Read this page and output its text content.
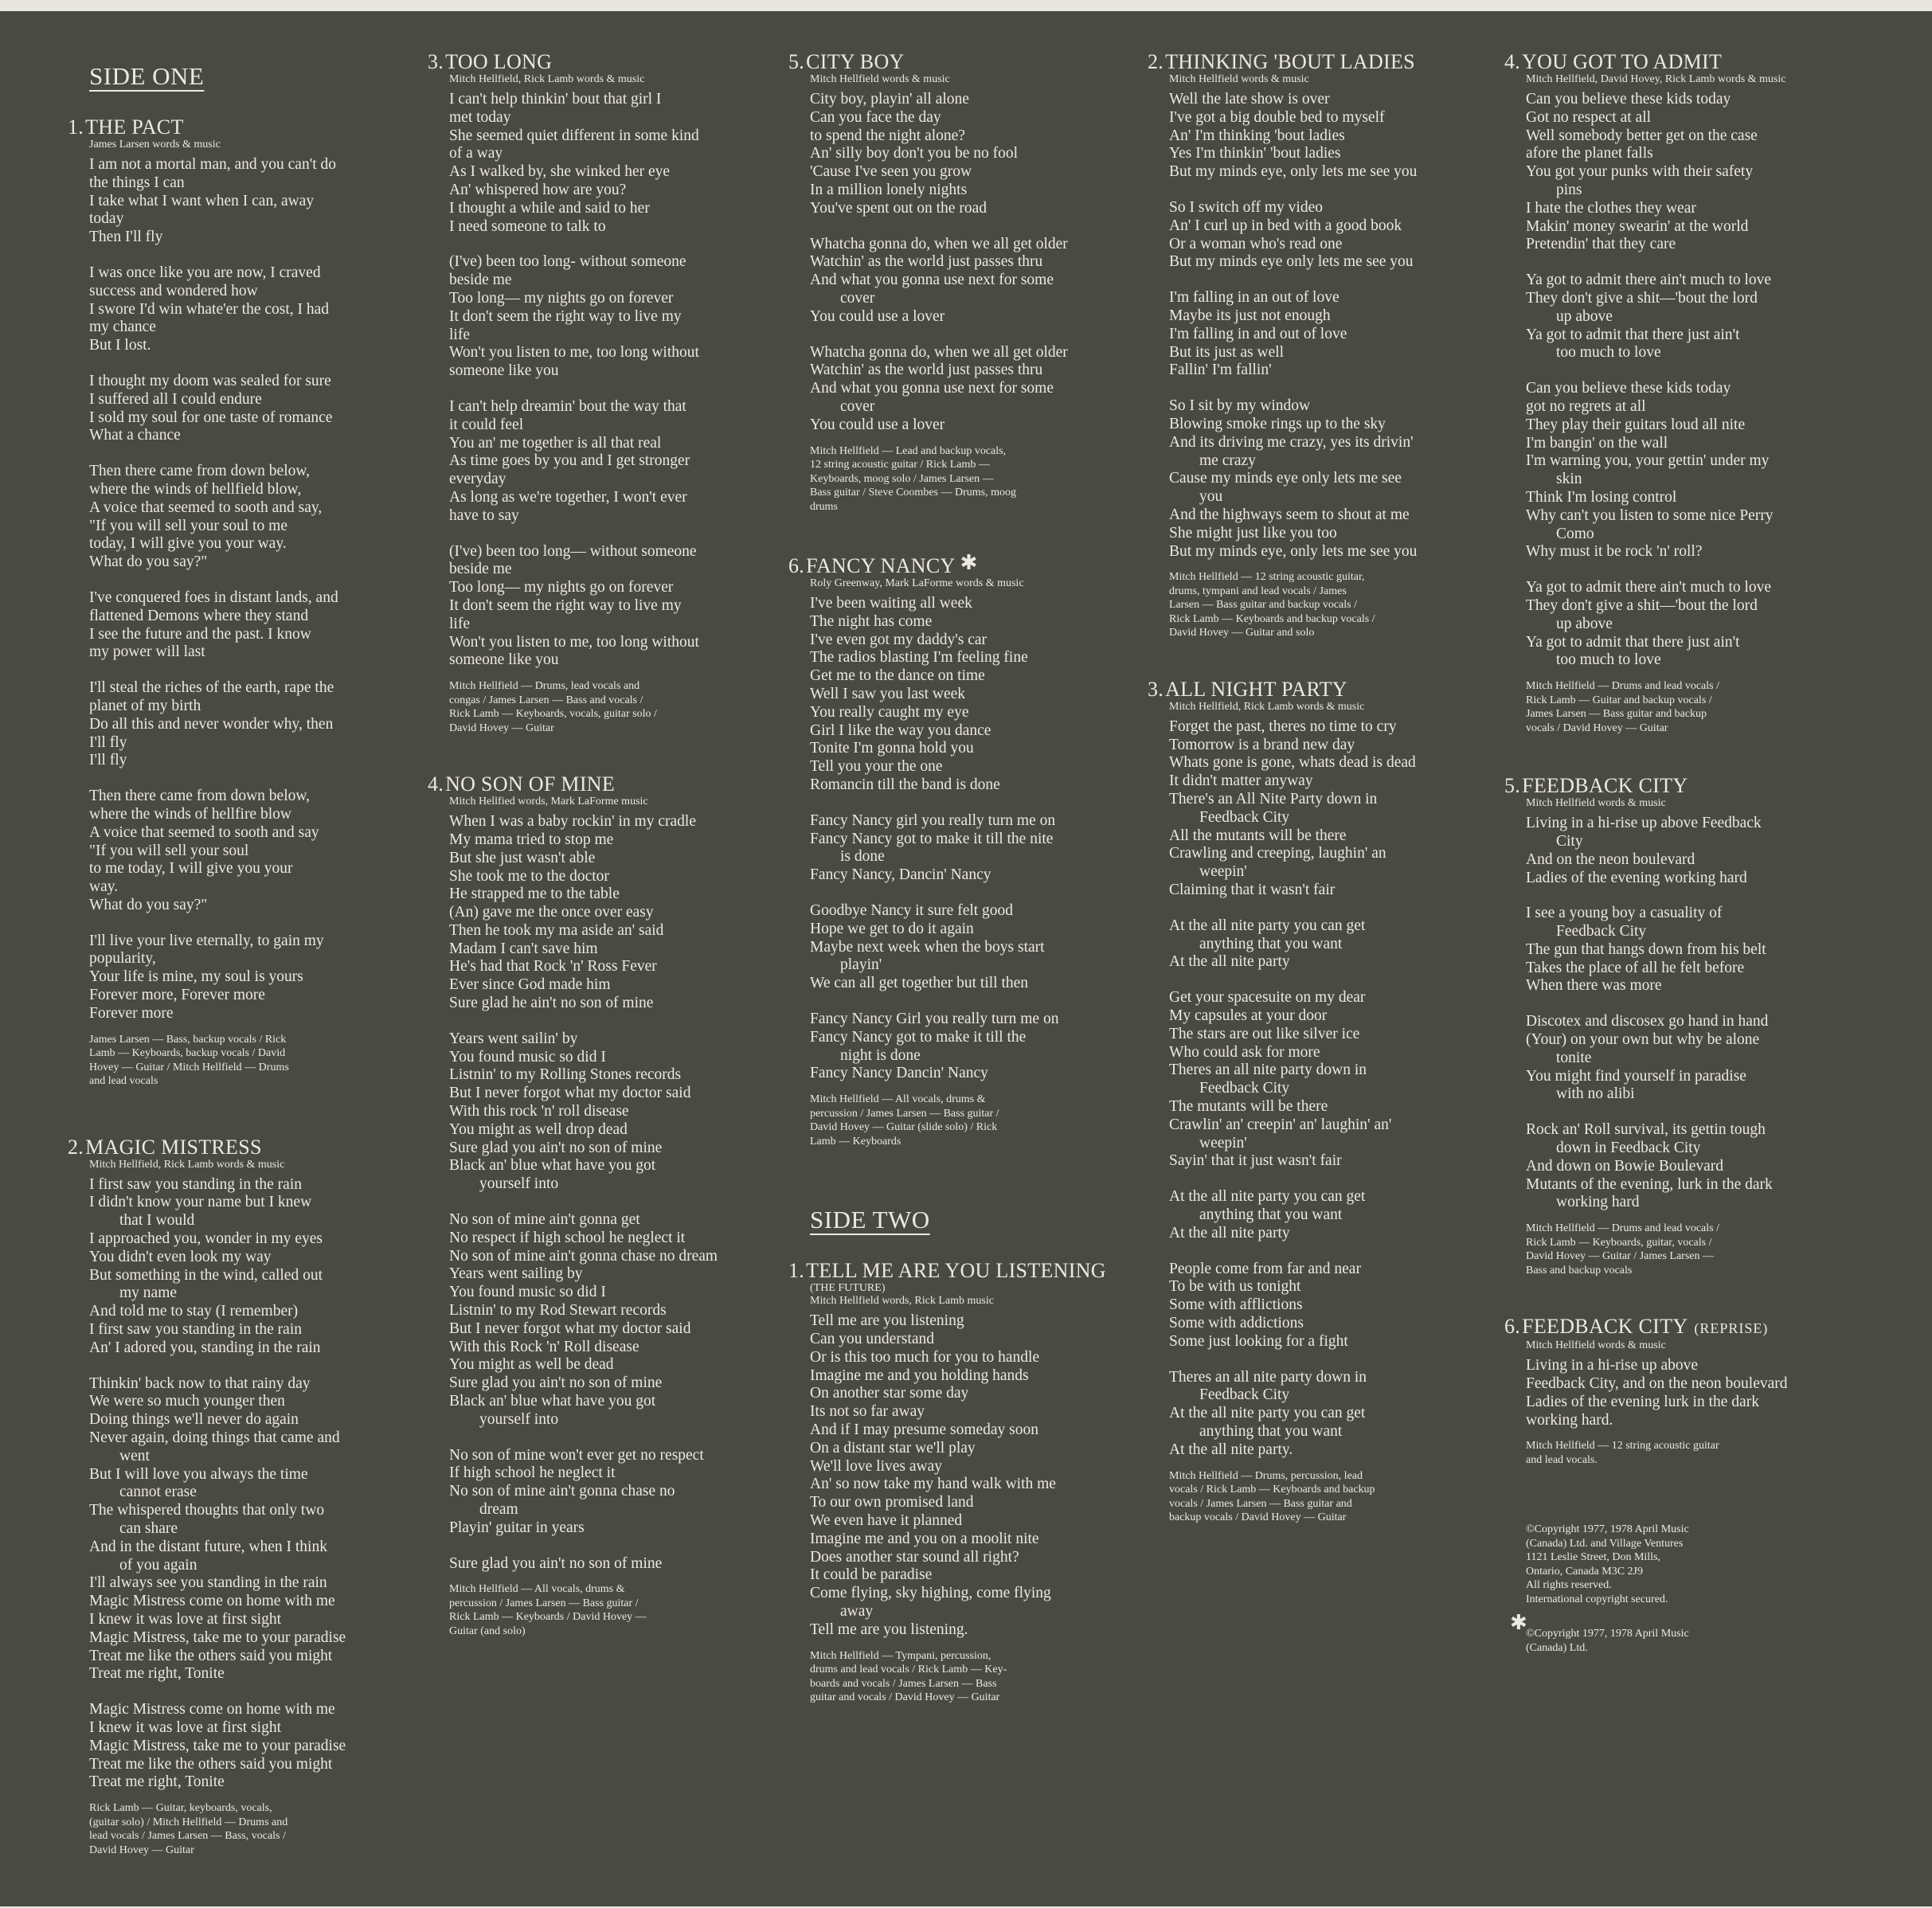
SIDE ONE
1.THE PACT
James Larsen words & music
I am not a mortal man, and you can't do
the things I can
I take what I want when I can, away
today
Then I'll fly
I was once like you are now, I craved
success and wondered how
I swore I'd win whate'er the cost, I had
my chance
But I lost.
I thought my doom was sealed for sure
I suffered all I could endure
I sold my soul for one taste of romance
What a chance
Then there came from down below,
where the winds of hellfield blow,
A voice that seemed to sooth and say,
"If you will sell your soul to me
today, I will give you your way.
What do you say?"
I've conquered foes in distant lands, and
flattened Demons where they stand
I see the future and the past. I know
my power will last
I'll steal the riches of the earth, rape the
planet of my birth
Do all this and never wonder why, then
I'll fly
I'll fly
Then there came from down below,
where the winds of hellfire blow
A voice that seemed to sooth and say
"If you will sell your soul
to me today, I will give you your
way.
What do you say?"
I'll live your live eternally, to gain my
popularity,
Your life is mine, my soul is yours
Forever more, Forever more
Forever more
James Larsen — Bass, backup vocals / Rick
Lamb — Keyboards, backup vocals / David
Hovey — Guitar / Mitch Hellfield — Drums
and lead vocals
2.MAGIC MISTRESS
Mitch Hellfield, Rick Lamb words & music
I first saw you standing in the rain
I didn't know your name but I knew
that I would
I approached you, wonder in my eyes
You didn't even look my way
But something in the wind, called out
my name
And told me to stay (I remember)
I first saw you standing in the rain
An' I adored you, standing in the rain
Thinkin' back now to that rainy day
We were so much younger then
Doing things we'll never do again
Never again, doing things that came and
went
But I will love you always the time
cannot erase
The whispered thoughts that only two
can share
And in the distant future, when I think
of you again
I'll always see you standing in the rain
Magic Mistress come on home with me
I knew it was love at first sight
Magic Mistress, take me to your paradise
Treat me like the others said you might
Treat me right, Tonite
Magic Mistress come on home with me
I knew it was love at first sight
Magic Mistress, take me to your paradise
Treat me like the others said you might
Treat me right, Tonite
Rick Lamb — Guitar, keyboards, vocals,
(guitar solo) / Mitch Hellfield — Drums and
lead vocals / James Larsen — Bass, vocals /
David Hovey — Guitar
3.TOO LONG
Mitch Hellfield, Rick Lamb words & music
I can't help thinkin' bout that girl I
met today
She seemed quiet different in some kind
of a way
As I walked by, she winked her eye
An' whispered how are you?
I thought a while and said to her
I need someone to talk to
(I've) been too long- without someone
beside me
Too long— my nights go on forever
It don't seem the right way to live my
life
Won't you listen to me, too long without
someone like you
I can't help dreamin' bout the way that
it could feel
You an' me together is all that real
As time goes by you and I get stronger
everyday
As long as we're together, I won't ever
have to say
(I've) been too long— without someone
beside me
Too long— my nights go on forever
It don't seem the right way to live my
life
Won't you listen to me, too long without
someone like you
Mitch Hellfield — Drums, lead vocals and
congas / James Larsen — Bass and vocals /
Rick Lamb — Keyboards, vocals, guitar solo /
David Hovey — Guitar
4.NO SON OF MINE
Mitch Hellfied words, Mark LaForme music
When I was a baby rockin' in my cradle
My mama tried to stop me
But she just wasn't able
She took me to the doctor
He strapped me to the table
(An) gave me the once over easy
Then he took my ma aside an' said
Madam I can't save him
He's had that Rock 'n' Ross Fever
Ever since God made him
Sure glad he ain't no son of mine
Years went sailin' by
You found music so did I
Listnin' to my Rolling Stones records
But I never forgot what my doctor said
With this rock 'n' roll disease
You might as well drop dead
Sure glad you ain't no son of mine
Black an' blue what have you got
yourself into
No son of mine ain't gonna get
No respect if high school he neglect it
No son of mine ain't gonna chase no dream
Years went sailing by
You found music so did I
Listnin' to my Rod Stewart records
But I never forgot what my doctor said
With this Rock 'n' Roll disease
You might as well be dead
Sure glad you ain't no son of mine
Black an' blue what have you got
yourself into
No son of mine won't ever get no respect
If high school he neglect it
No son of mine ain't gonna chase no
dream
Playin' guitar in years
Sure glad you ain't no son of mine
Mitch Hellfield — All vocals, drums &
percussion / James Larsen — Bass guitar /
Rick Lamb — Keyboards / David Hovey —
Guitar (and solo)
5.CITY BOY
Mitch Hellfield words & music
City boy, playin' all alone
Can you face the day
to spend the night alone?
An' silly boy don't you be no fool
'Cause I've seen you grow
In a million lonely nights
You've spent out on the road
Whatcha gonna do, when we all get older
Watchin' as the world just passes thru
And what you gonna use next for some
cover
You could use a lover
Whatcha gonna do, when we all get older
Watchin' as the world just passes thru
And what you gonna use next for some
cover
You could use a lover
Mitch Hellfield — Lead and backup vocals,
12 string acoustic guitar / Rick Lamb —
Keyboards, moog solo / James Larsen —
Bass guitar / Steve Coombes — Drums, moog
drums
6.FANCY NANCY ✱
Roly Greenway, Mark LaForme words & music
I've been waiting all week
The night has come
I've even got my daddy's car
The radios blasting I'm feeling fine
Get me to the dance on time
Well I saw you last week
You really caught my eye
Girl I like the way you dance
Tonite I'm gonna hold you
Tell you your the one
Romancin till the band is done
Fancy Nancy girl you really turn me on
Fancy Nancy got to make it till the nite
is done
Fancy Nancy, Dancin' Nancy
Goodbye Nancy it sure felt good
Hope we get to do it again
Maybe next week when the boys start
playin'
We can all get together but till then
Fancy Nancy Girl you really turn me on
Fancy Nancy got to make it till the
night is done
Fancy Nancy Dancin' Nancy
Mitch Hellfield — All vocals, drums &
percussion / James Larsen — Bass guitar /
David Hovey — Guitar (slide solo) / Rick
Lamb — Keyboards
SIDE TWO
1.TELL ME ARE YOU LISTENING
(THE FUTURE)
Mitch Hellfield words, Rick Lamb music
Tell me are you listening
Can you understand
Or is this too much for you to handle
Imagine me and you holding hands
On another star some day
Its not so far away
And if I may presume someday soon
On a distant star we'll play
We'll love lives away
An' so now take my hand walk with me
To our own promised land
We even have it planned
Imagine me and you on a moolit nite
Does another star sound all right?
It could be paradise
Come flying, sky highing, come flying
away
Tell me are you listening.
Mitch Hellfield — Tympani, percussion,
drums and lead vocals / Rick Lamb — Key-
boards and vocals / James Larsen — Bass
guitar and vocals / David Hovey — Guitar
2.THINKING 'BOUT LADIES
Mitch Hellfield words & music
Well the late show is over
I've got a big double bed to myself
An' I'm thinking 'bout ladies
Yes I'm thinkin' 'bout ladies
But my minds eye, only lets me see you
So I switch off my video
An' I curl up in bed with a good book
Or a woman who's read one
But my minds eye only lets me see you
I'm falling in an out of love
Maybe its just not enough
I'm falling in and out of love
But its just as well
Fallin' I'm fallin'
So I sit by my window
Blowing smoke rings up to the sky
And its driving me crazy, yes its drivin'
me crazy
Cause my minds eye only lets me see
you
And the highways seem to shout at me
She might just like you too
But my minds eye, only lets me see you
Mitch Hellfield — 12 string acoustic guitar,
drums, tympani and lead vocals / James
Larsen — Bass guitar and backup vocals /
Rick Lamb — Keyboards and backup vocals /
David Hovey — Guitar and solo
3.ALL NIGHT PARTY
Mitch Hellfield, Rick Lamb words & music
Forget the past, theres no time to cry
Tomorrow is a brand new day
Whats gone is gone, whats dead is dead
It didn't matter anyway
There's an All Nite Party down in
Feedback City
All the mutants will be there
Crawling and creeping, laughin' an
weepin'
Claiming that it wasn't fair
At the all nite party you can get
anything that you want
At the all nite party
Get your spacesuite on my dear
My capsules at your door
The stars are out like silver ice
Who could ask for more
Theres an all nite party down in
Feedback City
The mutants will be there
Crawlin' an' creepin' an' laughin' an'
weepin'
Sayin' that it just wasn't fair
At the all nite party you can get
anything that you want
At the all nite party
People come from far and near
To be with us tonight
Some with afflictions
Some with addictions
Some just looking for a fight
Theres an all nite party down in
Feedback City
At the all nite party you can get
anything that you want
At the all nite party.
Mitch Hellfield — Drums, percussion, lead
vocals / Rick Lamb — Keyboards and backup
vocals / James Larsen — Bass guitar and
backup vocals / David Hovey — Guitar
4.YOU GOT TO ADMIT
Mitch Hellfield, David Hovey, Rick Lamb words & music
Can you believe these kids today
Got no respect at all
Well somebody better get on the case
afore the planet falls
You got your punks with their safety
pins
I hate the clothes they wear
Makin' money swearin' at the world
Pretendin' that they care
Ya got to admit there ain't much to love
They don't give a shit—'bout the lord
up above
Ya got to admit that there just ain't
too much to love
Can you believe these kids today
got no regrets at all
They play their guitars loud all nite
I'm bangin' on the wall
I'm warning you, your gettin' under my
skin
Think I'm losing control
Why can't you listen to some nice Perry
Como
Why must it be rock 'n' roll?
Ya got to admit there ain't much to love
They don't give a shit—'bout the lord
up above
Ya got to admit that there just ain't
too much to love
Mitch Hellfield — Drums and lead vocals /
Rick Lamb — Guitar and backup vocals /
James Larsen — Bass guitar and backup
vocals / David Hovey — Guitar
5.FEEDBACK CITY
Mitch Hellfield words & music
Living in a hi-rise up above Feedback
City
And on the neon boulevard
Ladies of the evening working hard
I see a young boy a casuality of
Feedback City
The gun that hangs down from his belt
Takes the place of all he felt before
When there was more
Discotex and discosex go hand in hand
(Your) on your own but why be alone
tonite
You might find yourself in paradise
with no alibi
Rock an' Roll survival, its gettin tough
down in Feedback City
And down on Bowie Boulevard
Mutants of the evening, lurk in the dark
working hard
Mitch Hellfield — Drums and lead vocals /
Rick Lamb — Keyboards, guitar, vocals /
David Hovey — Guitar / James Larsen —
Bass and backup vocals
6.FEEDBACK CITY (REPRISE)
Mitch Hellfield words & music
Living in a hi-rise up above
Feedback City, and on the neon boulevard
Ladies of the evening lurk in the dark
working hard.
Mitch Hellfield — 12 string acoustic guitar
and lead vocals.
©Copyright 1977, 1978 April Music
(Canada) Ltd. and Village Ventures
1121 Leslie Street, Don Mills,
Ontario, Canada M3C 2J9
All rights reserved.
International copyright secured.
✱
©Copyright 1977, 1978 April Music
(Canada) Ltd.
